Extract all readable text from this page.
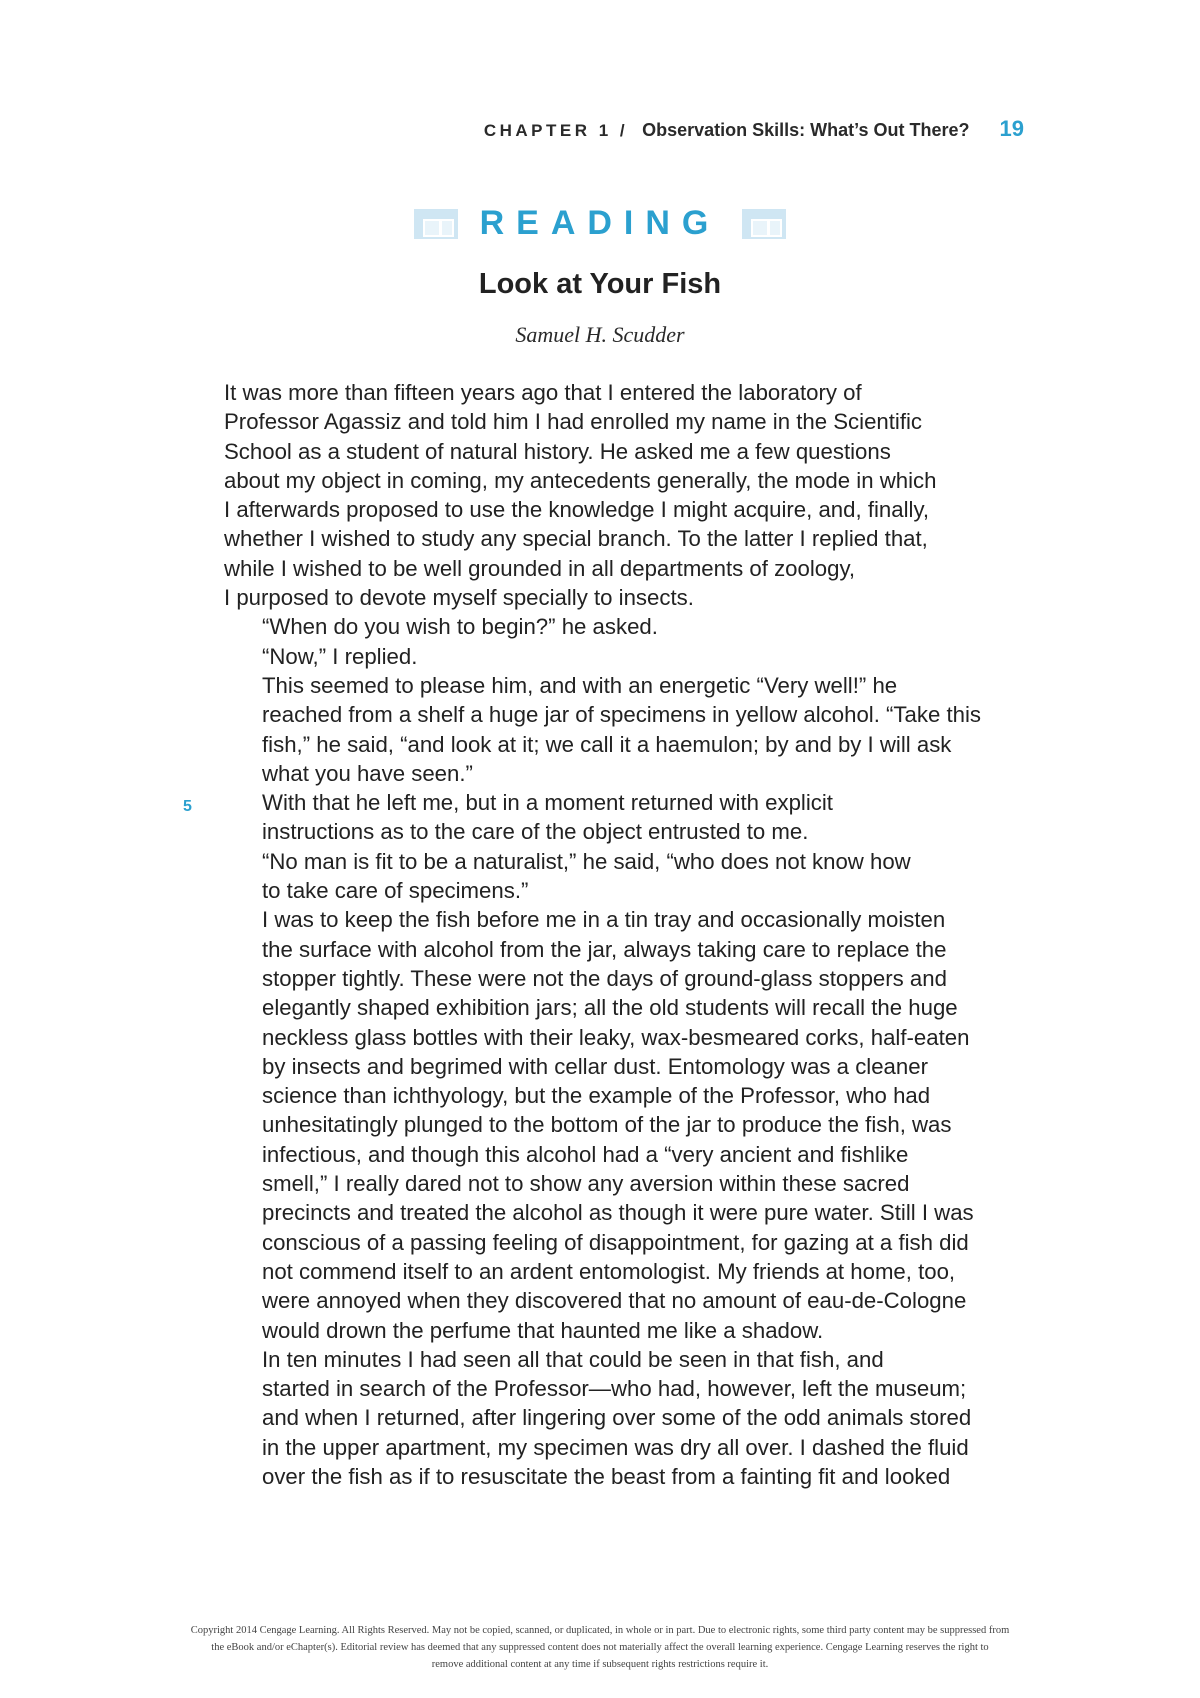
CHAPTER 1 / Observation Skills: What’s Out There? 19
READING
Look at Your Fish
Samuel H. Scudder
5

It was more than fifteen years ago that I entered the laboratory of
Professor Agassiz and told him I had enrolled my name in the Scientific
School as a student of natural history. He asked me a few questions
about my object in coming, my antecedents generally, the mode in which
I afterwards proposed to use the knowledge I might acquire, and, finally,
whether I wished to study any special branch. To the latter I replied that,
while I wished to be well grounded in all departments of zoology,
I purposed to devote myself specially to insects.

“When do you wish to begin?” he asked.

“Now,” I replied.

This seemed to please him, and with an energetic “Very well!” he
reached from a shelf a huge jar of specimens in yellow alcohol. “Take this
fish,” he said, “and look at it; we call it a haemulon; by and by I will ask
what you have seen.”

With that he left me, but in a moment returned with explicit
instructions as to the care of the object entrusted to me.

“No man is fit to be a naturalist,” he said, “who does not know how
to take care of specimens.”

I was to keep the fish before me in a tin tray and occasionally moisten
the surface with alcohol from the jar, always taking care to replace the
stopper tightly. These were not the days of ground-glass stoppers and
elegantly shaped exhibition jars; all the old students will recall the huge
neckless glass bottles with their leaky, wax-besmeared corks, half-eaten
by insects and begrimed with cellar dust. Entomology was a cleaner
science than ichthyology, but the example of the Professor, who had
unhesitatingly plunged to the bottom of the jar to produce the fish, was
infectious, and though this alcohol had a “very ancient and fishlike
smell,” I really dared not to show any aversion within these sacred
precincts and treated the alcohol as though it were pure water. Still I was
conscious of a passing feeling of disappointment, for gazing at a fish did
not commend itself to an ardent entomologist. My friends at home, too,
were annoyed when they discovered that no amount of eau-de-Cologne
would drown the perfume that haunted me like a shadow.

In ten minutes I had seen all that could be seen in that fish, and
started in search of the Professor—who had, however, left the museum;
and when I returned, after lingering over some of the odd animals stored
in the upper apartment, my specimen was dry all over. I dashed the fluid
over the fish as if to resuscitate the beast from a fainting fit and looked

Copyright 2014 Cengage Learning. All Rights Reserved. May not be copied, scanned, or duplicated, in whole or in part. Due to electronic rights, some third party content may be suppressed from
the eBook and/or eChapter(s). Editorial review has deemed that any suppressed content does not materially affect the overall learning experience. Cengage Learning reserves the right to
remove additional content at any time if subsequent rights restrictions require it.
